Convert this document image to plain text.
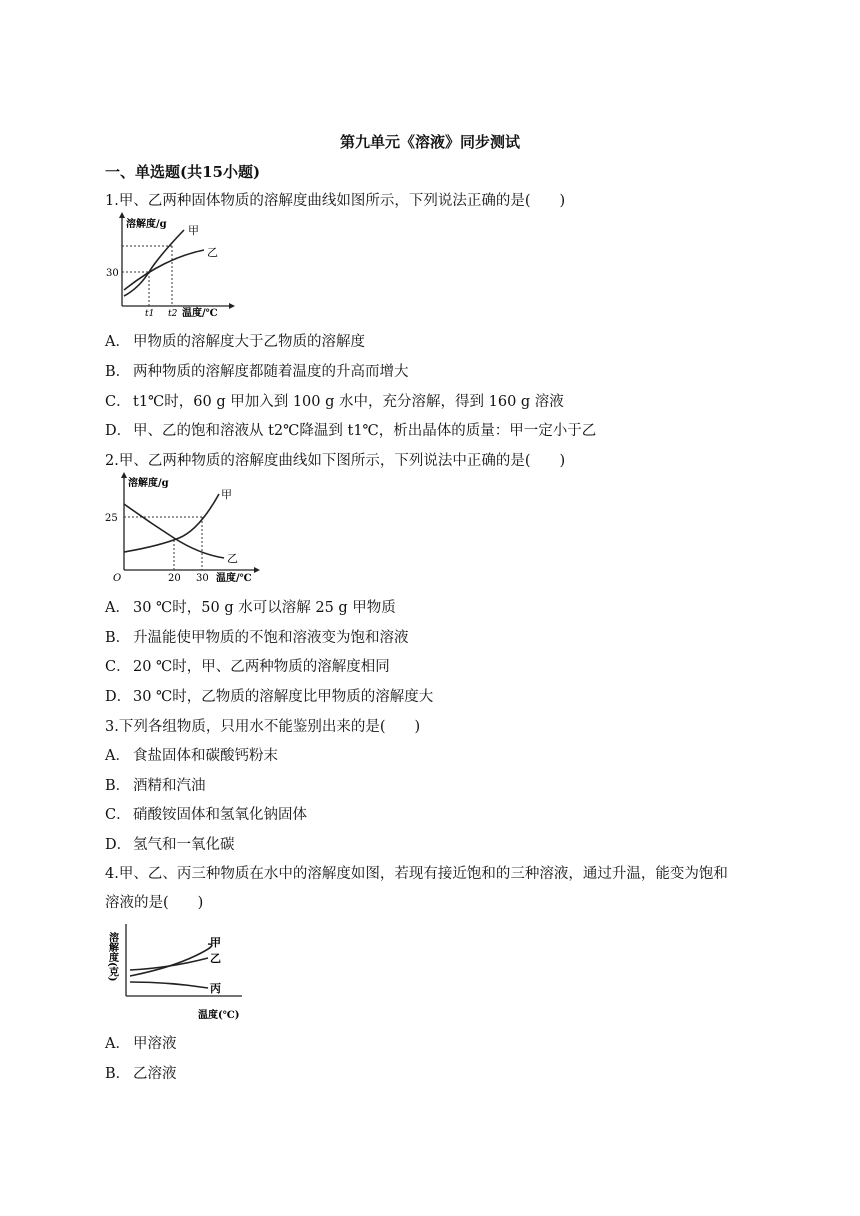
第九单元《溶液》同步测试
一、单选题(共15小题)
1.甲、乙两种固体物质的溶解度曲线如图所示，下列说法正确的是(　　)
溶解度/g
温度/℃
30
t1 t2
甲
乙
A． 甲物质的溶解度大于乙物质的溶解度
B． 两种物质的溶解度都随着温度的升高而增大
C． t1℃时，60 g 甲加入到 100 g 水中，充分溶解，得到 160 g 溶液
D． 甲、乙的饱和溶液从 t2℃降温到 t1℃，析出晶体的质量：甲一定小于乙
2.甲、乙两种物质的溶解度曲线如下图所示，下列说法中正确的是(　　)
溶解度/g
温度/℃
25
O	20 30
甲
乙
A． 30 ℃时，50 g 水可以溶解 25 g 甲物质
B． 升温能使甲物质的不饱和溶液变为饱和溶液
C． 20 ℃时，甲、乙两种物质的溶解度相同
D． 30 ℃时，乙物质的溶解度比甲物质的溶解度大
3.下列各组物质，只用水不能鉴别出来的是(　　)
A． 食盐固体和碳酸钙粉末
B． 酒精和汽油
C． 硝酸铵固体和氢氧化钠固体
D． 氢气和一氧化碳
4.甲、乙、丙三种物质在水中的溶解度如图，若现有接近饱和的三种溶液，通过升温，能变为饱和
溶液的是(　　)
溶解度(克)
温度(℃)
甲
乙
丙
A． 甲溶液
B． 乙溶液
